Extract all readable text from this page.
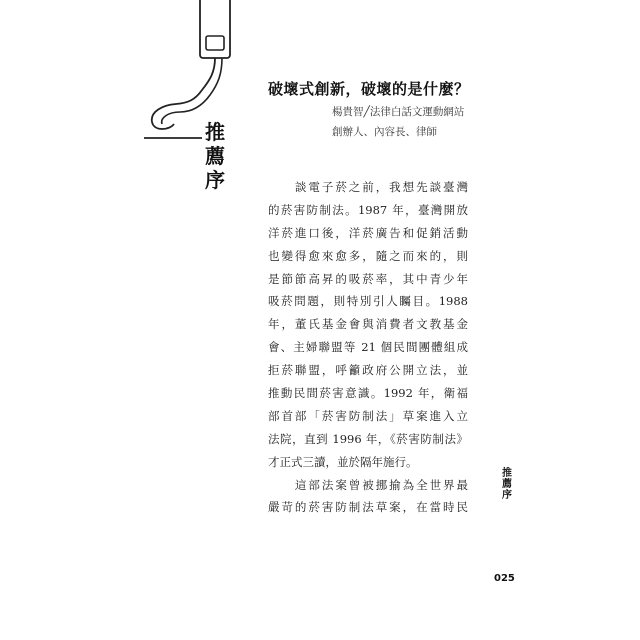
推
薦
序
破壞式創新，破壞的是什麼？
楊貴智╱法律白話文運動網站
創辦人、內容長、律師
　　談電子菸之前，我想先談臺灣
的菸害防制法。1987 年，臺灣開放
洋菸進口後，洋菸廣告和促銷活動
也變得愈來愈多，隨之而來的，則
是節節高昇的吸菸率，其中青少年
吸菸問題，則特別引人矚目。1988
年，董氏基金會與消費者文教基金
會、主婦聯盟等 21 個民間團體組成
拒菸聯盟，呼籲政府公開立法，並
推動民間菸害意識。1992 年，衛福
部首部「菸害防制法」草案進入立
法院，直到 1996 年，《菸害防制法》
才正式三讀，並於隔年施行。
　　這部法案曾被挪揄為全世界最
嚴苛的菸害防制法草案，在當時民
推
薦
序
025
